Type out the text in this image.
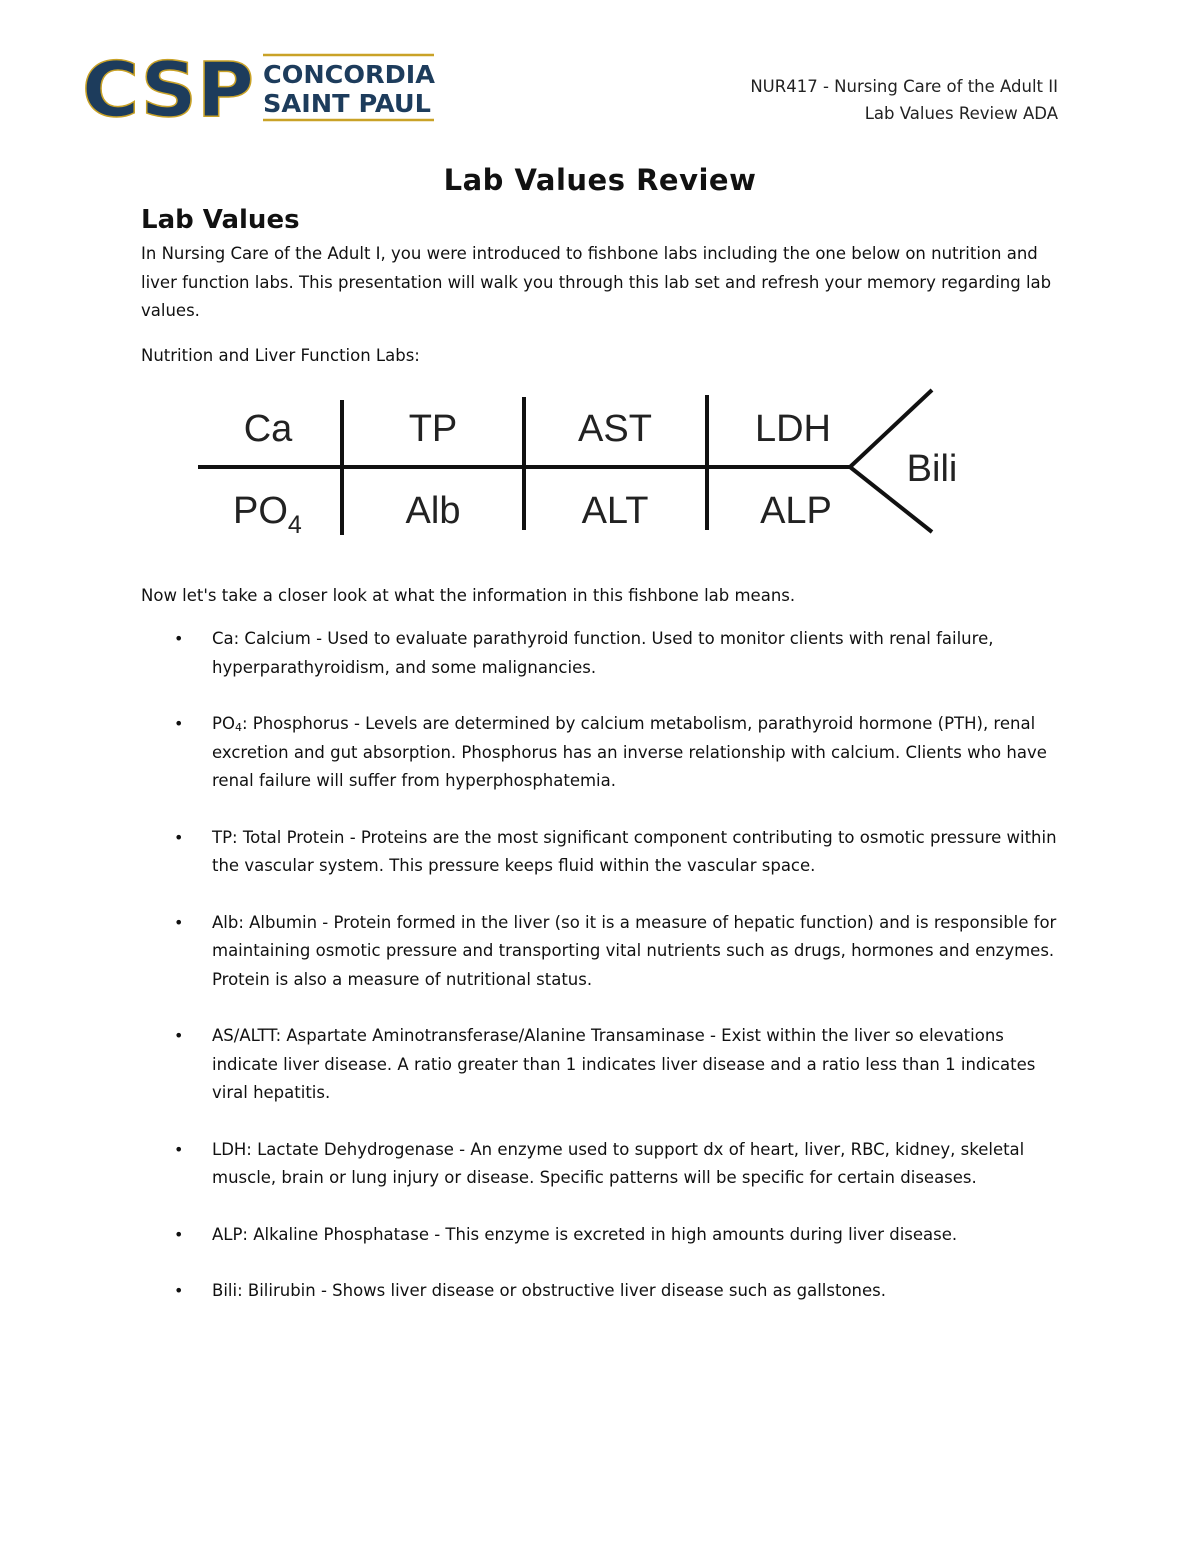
CSP CONCORDIA
SAINT PAUL
NUR417 - Nursing Care of the Adult II
Lab Values Review ADA
Lab Values Review
Lab Values
In Nursing Care of the Adult I, you were introduced to fishbone labs including the one below on nutrition and liver function labs. This presentation will walk you through this lab set and refresh your memory regarding lab values.
Nutrition and Liver Function Labs:
Ca	TP	AST	LDH
$PO_4$	Alb	ALT	ALP
Bili
Now let's take a closer look at what the information in this fishbone lab means.
• Ca: Calcium - Used to evaluate parathyroid function. Used to monitor clients with renal failure, hyperparathyroidism, and some malignancies.
• $PO_4$: Phosphorus - Levels are determined by calcium metabolism, parathyroid hormone (PTH), renal excretion and gut absorption. Phosphorus has an inverse relationship with calcium. Clients who have renal failure will suffer from hyperphosphatemia.
• TP: Total Protein - Proteins are the most significant component contributing to osmotic pressure within the vascular system. This pressure keeps fluid within the vascular space.
• Alb: Albumin - Protein formed in the liver (so it is a measure of hepatic function) and is responsible for maintaining osmotic pressure and transporting vital nutrients such as drugs, hormones and enzymes. Protein is also a measure of nutritional status.
• AS/ALTT: Aspartate Aminotransferase/Alanine Transaminase - Exist within the liver so elevations indicate liver disease. A ratio greater than 1 indicates liver disease and a ratio less than 1 indicates viral hepatitis.
• LDH: Lactate Dehydrogenase - An enzyme used to support dx of heart, liver, RBC, kidney, skeletal muscle, brain or lung injury or disease. Specific patterns will be specific for certain diseases.
• ALP: Alkaline Phosphatase - This enzyme is excreted in high amounts during liver disease.
• Bili: Bilirubin - Shows liver disease or obstructive liver disease such as gallstones.
